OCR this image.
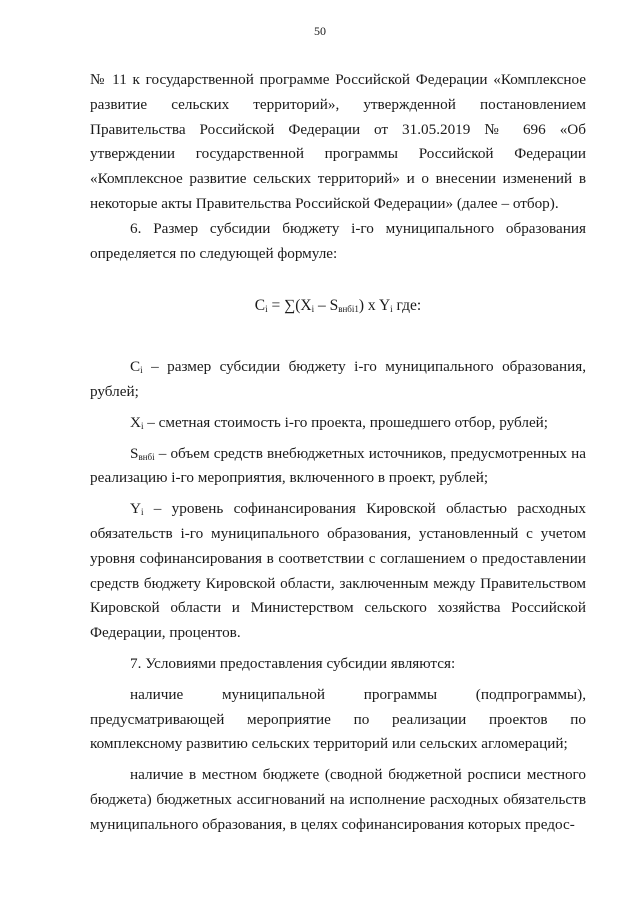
50

№ 11 к государственной программе Российской Федерации «Комплексное развитие сельских территорий», утвержденной постановлением Правительства Российской Федерации от 31.05.2019 № 696 «Об утверждении государственной программы Российской Федерации «Комплексное развитие сельских территорий» и о внесении изменений в некоторые акты Правительства Российской Федерации» (далее – отбор).

6. Размер субсидии бюджету i-го муниципального образования определяется по следующей формуле:

$C_i = \sum(X_i - S_{внбi1})$ x $Y_i$ где:

$C_i$ – размер субсидии бюджету i-го муниципального образования, рублей;

$X_i$ – сметная стоимость i-го проекта, прошедшего отбор, рублей;

$S_{внбi}$ – объем средств внебюджетных источников, предусмотренных на реализацию i-го мероприятия, включенного в проект, рублей;

$Y_i$ – уровень софинансирования Кировской областью расходных обязательств i-го муниципального образования, установленный с учетом уровня софинансирования в соответствии с соглашением о предоставлении средств бюджету Кировской области, заключенным между Правительством Кировской области и Министерством сельского хозяйства Российской Федерации, процентов.

7. Условиями предоставления субсидии являются:

наличие муниципальной программы (подпрограммы), предусматривающей мероприятие по реализации проектов по комплексному развитию сельских территорий или сельских агломераций;

наличие в местном бюджете (сводной бюджетной росписи местного бюджета) бюджетных ассигнований на исполнение расходных обязательств муниципального образования, в целях софинансирования которых предос-
